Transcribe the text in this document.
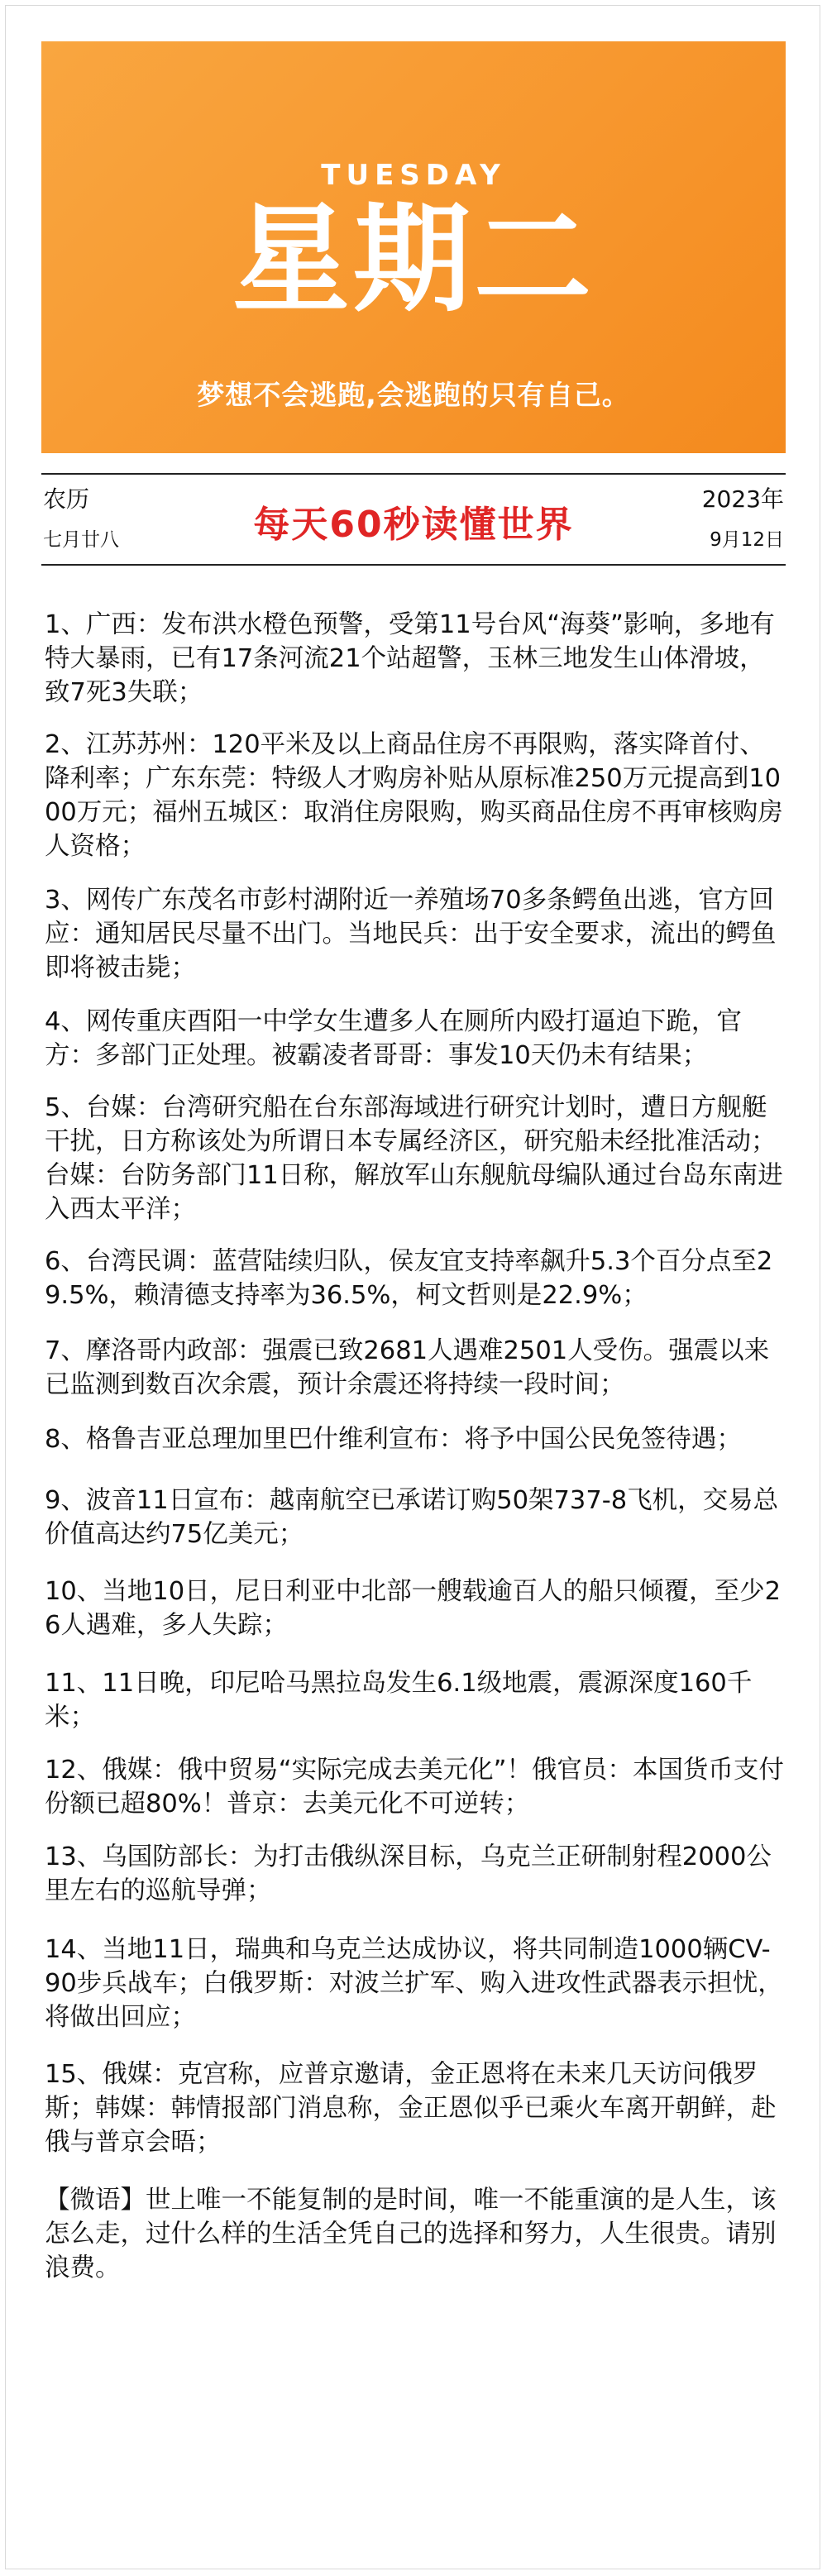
TUESDAY
星期二
梦想不会逃跑,会逃跑的只有自己。
农历
七月廿八	每天60秒读懂世界
2023年
9月12日

1、广西：发布洪水橙色预警，受第11号台风“海葵”影响，多地有特大暴雨，已有17条河流21个站超警，玉林三地发生山体滑坡，致7死3失联；

2、江苏苏州：120平米及以上商品住房不再限购，落实降首付、降利率；广东东莞：特级人才购房补贴从原标准250万元提高到1000万元；福州五城区：取消住房限购，购买商品住房不再审核购房人资格；

3、网传广东茂名市彭村湖附近一养殖场70多条鳄鱼出逃，官方回应：通知居民尽量不出门。当地民兵：出于安全要求，流出的鳄鱼即将被击毙；

4、网传重庆酉阳一中学女生遭多人在厕所内殴打逼迫下跪，官方：多部门正处理。被霸凌者哥哥：事发10天仍未有结果；

5、台媒：台湾研究船在台东部海域进行研究计划时，遭日方舰艇干扰，日方称该处为所谓日本专属经济区，研究船未经批准活动；台媒：台防务部门11日称，解放军山东舰航母编队通过台岛东南进入西太平洋；

6、台湾民调：蓝营陆续归队，侯友宜支持率飙升5.3个百分点至29.5%，赖清德支持率为36.5%，柯文哲则是22.9%；

7、摩洛哥内政部：强震已致2681人遇难2501人受伤。强震以来已监测到数百次余震，预计余震还将持续一段时间；

8、格鲁吉亚总理加里巴什维利宣布：将予中国公民免签待遇；

9、波音11日宣布：越南航空已承诺订购50架737-8飞机，交易总价值高达约75亿美元；

10、当地10日，尼日利亚中北部一艘载逾百人的船只倾覆，至少26人遇难，多人失踪；

11、11日晚，印尼哈马黑拉岛发生6.1级地震，震源深度160千米；

12、俄媒：俄中贸易“实际完成去美元化”！俄官员：本国货币支付份额已超80%！普京：去美元化不可逆转；

13、乌国防部长：为打击俄纵深目标，乌克兰正研制射程2000公里左右的巡航导弹；

14、当地11日，瑞典和乌克兰达成协议，将共同制造1000辆CV-90步兵战车；白俄罗斯：对波兰扩军、购入进攻性武器表示担忧，将做出回应；

15、俄媒：克宫称，应普京邀请，金正恩将在未来几天访问俄罗斯；韩媒：韩情报部门消息称，金正恩似乎已乘火车离开朝鲜，赴俄与普京会晤；

【微语】世上唯一不能复制的是时间，唯一不能重演的是人生，该怎么走，过什么样的生活全凭自己的选择和努力，人生很贵。请别浪费。
